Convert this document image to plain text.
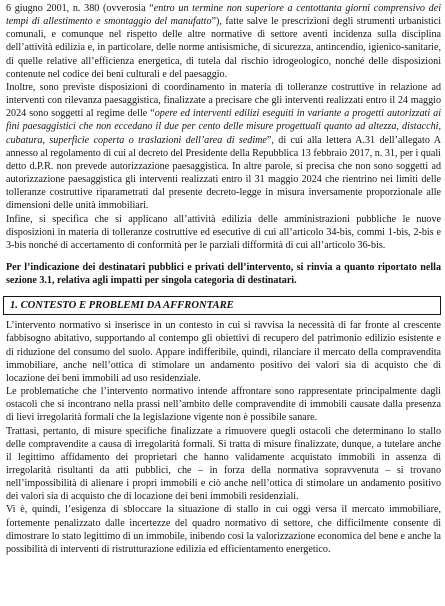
6 giugno 2001, n. 380 (ovverosia “entro un termine non superiore a centottanta giorni comprensivo dei tempi di allestimento e smontaggio del manufatto”), fatte salve le prescrizioni degli strumenti urbanistici comunali, e comunque nel rispetto delle altre normative di settore aventi incidenza sulla disciplina dell’attività edilizia e, in particolare, delle norme antisismiche, di sicurezza, antincendio, igienico-sanitarie, di quelle relative all’efficienza energetica, di tutela dal rischio idrogeologico, nonché delle disposizioni contenute nel codice dei beni culturali e del paesaggio.

Inoltre, sono previste disposizioni di coordinamento in materia di tolleranze costruttive in relazione ad interventi con rilevanza paesaggistica, finalizzate a precisare che gli interventi realizzati entro il 24 maggio 2024 sono soggetti al regime delle “opere ed interventi edilizi eseguiti in variante a progetti autorizzati ai fini paesaggistici che non eccedano il due per cento delle misure progettuali quanto ad altezza, distacchi, cubatura, superficie coperta o traslazioni dell’area di sedime”, di cui alla lettera A.31 dell’allegato A annesso al regolamento di cui al decreto del Presidente della Repubblica 13 febbraio 2017, n. 31, per i quali detto d.P.R. non prevede autorizzazione paesaggistica. In altre parole, si precisa che non sono soggetti ad autorizzazione paesaggistica gli interventi realizzati entro il 31 maggio 2024 che rientrino nei limiti delle tolleranze costruttive riparametrati dal presente decreto-legge in misura inversamente proporzionale alle dimensioni delle unità immobiliari.

Infine, si specifica che si applicano all’attività edilizia delle amministrazioni pubbliche le nuove disposizioni in materia di tolleranze costruttive ed esecutive di cui all’articolo 34-bis, commi 1-bis, 2-bis e 3-bis nonché di accertamento di conformità per le parziali difformità di cui all’articolo 36-bis.

Per l’indicazione dei destinatari pubblici e privati dell’intervento, si rinvia a quanto riportato nella sezione 3.1, relativa agli impatti per singola categoria di destinatari.

1. CONTESTO E PROBLEMI DA AFFRONTARE

L’intervento normativo si inserisce in un contesto in cui si ravvisa la necessità di far fronte al crescente fabbisogno abitativo, supportando al contempo gli obiettivi di recupero del patrimonio edilizio esistente e di riduzione del consumo del suolo. Appare indifferibile, quindi, rilanciare il mercato della compravendita immobiliare, anche nell’ottica di stimolare un andamento positivo dei valori sia di acquisto che di locazione dei beni immobili ad uso residenziale.

Le problematiche che l’intervento normativo intende affrontare sono rappresentate principalmente dagli ostacoli che si incontrano nella prassi nell’ambito delle compravendite di immobili causate dalla presenza di lievi irregolarità formali che la legislazione vigente non è possibile sanare.

Trattasi, pertanto, di misure specifiche finalizzate a rimuovere quegli ostacoli che determinano lo stallo delle compravendite a causa di irregolarità formali. Si tratta di misure finalizzate, dunque, a tutelare anche il legittimo affidamento dei proprietari che hanno validamente acquistato immobili in assenza di irregolarità risultanti da atti pubblici, che – in forza della normativa sopravvenuta – si trovano nell’impossibilità di alienare i propri immobili e ciò anche nell’ottica di stimolare un andamento positivo dei valori sia di acquisto che di locazione dei beni immobili residenziali.

Vi è, quindi, l’esigenza di sbloccare la situazione di stallo in cui oggi versa il mercato immobiliare, fortemente penalizzato dalle incertezze del quadro normativo di settore, che difficilmente consente di dimostrare lo stato legittimo di un immobile, inibendo così la valorizzazione economica del bene e anche la possibilità di interventi di ristrutturazione edilizia ed efficientamento energetico.
